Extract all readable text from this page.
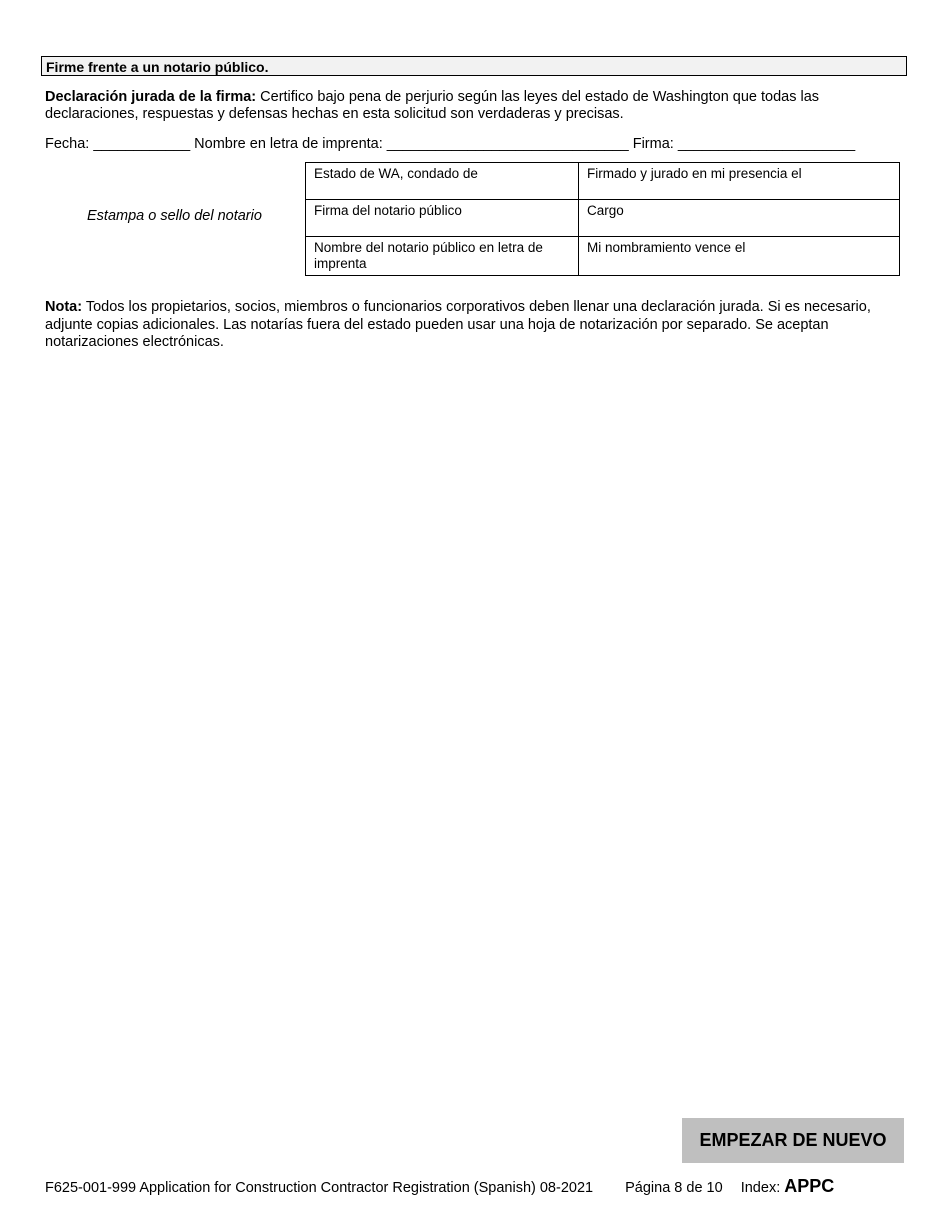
Firme frente a un notario público.
Declaración jurada de la firma: Certifico bajo pena de perjurio según las leyes del estado de Washington que todas las declaraciones, respuestas y defensas hechas en esta solicitud son verdaderas y precisas.
Fecha: ____________ Nombre en letra de imprenta: ______________________________ Firma: ______________________
Estampa o sello del notario
Estado de WA, condado de	Firmado y jurado en mi presencia el
Firma del notario público	Cargo
Nombre del notario público en letra de imprenta	Mi nombramiento vence el
Nota: Todos los propietarios, socios, miembros o funcionarios corporativos deben llenar una declaración jurada. Si es necesario, adjunte copias adicionales. Las notarías fuera del estado pueden usar una hoja de notarización por separado. Se aceptan notarizaciones electrónicas.
EMPEZAR DE NUEVO
F625-001-999 Application for Construction Contractor Registration (Spanish) 08-2021 Página 8 de 10 Index: APPC
